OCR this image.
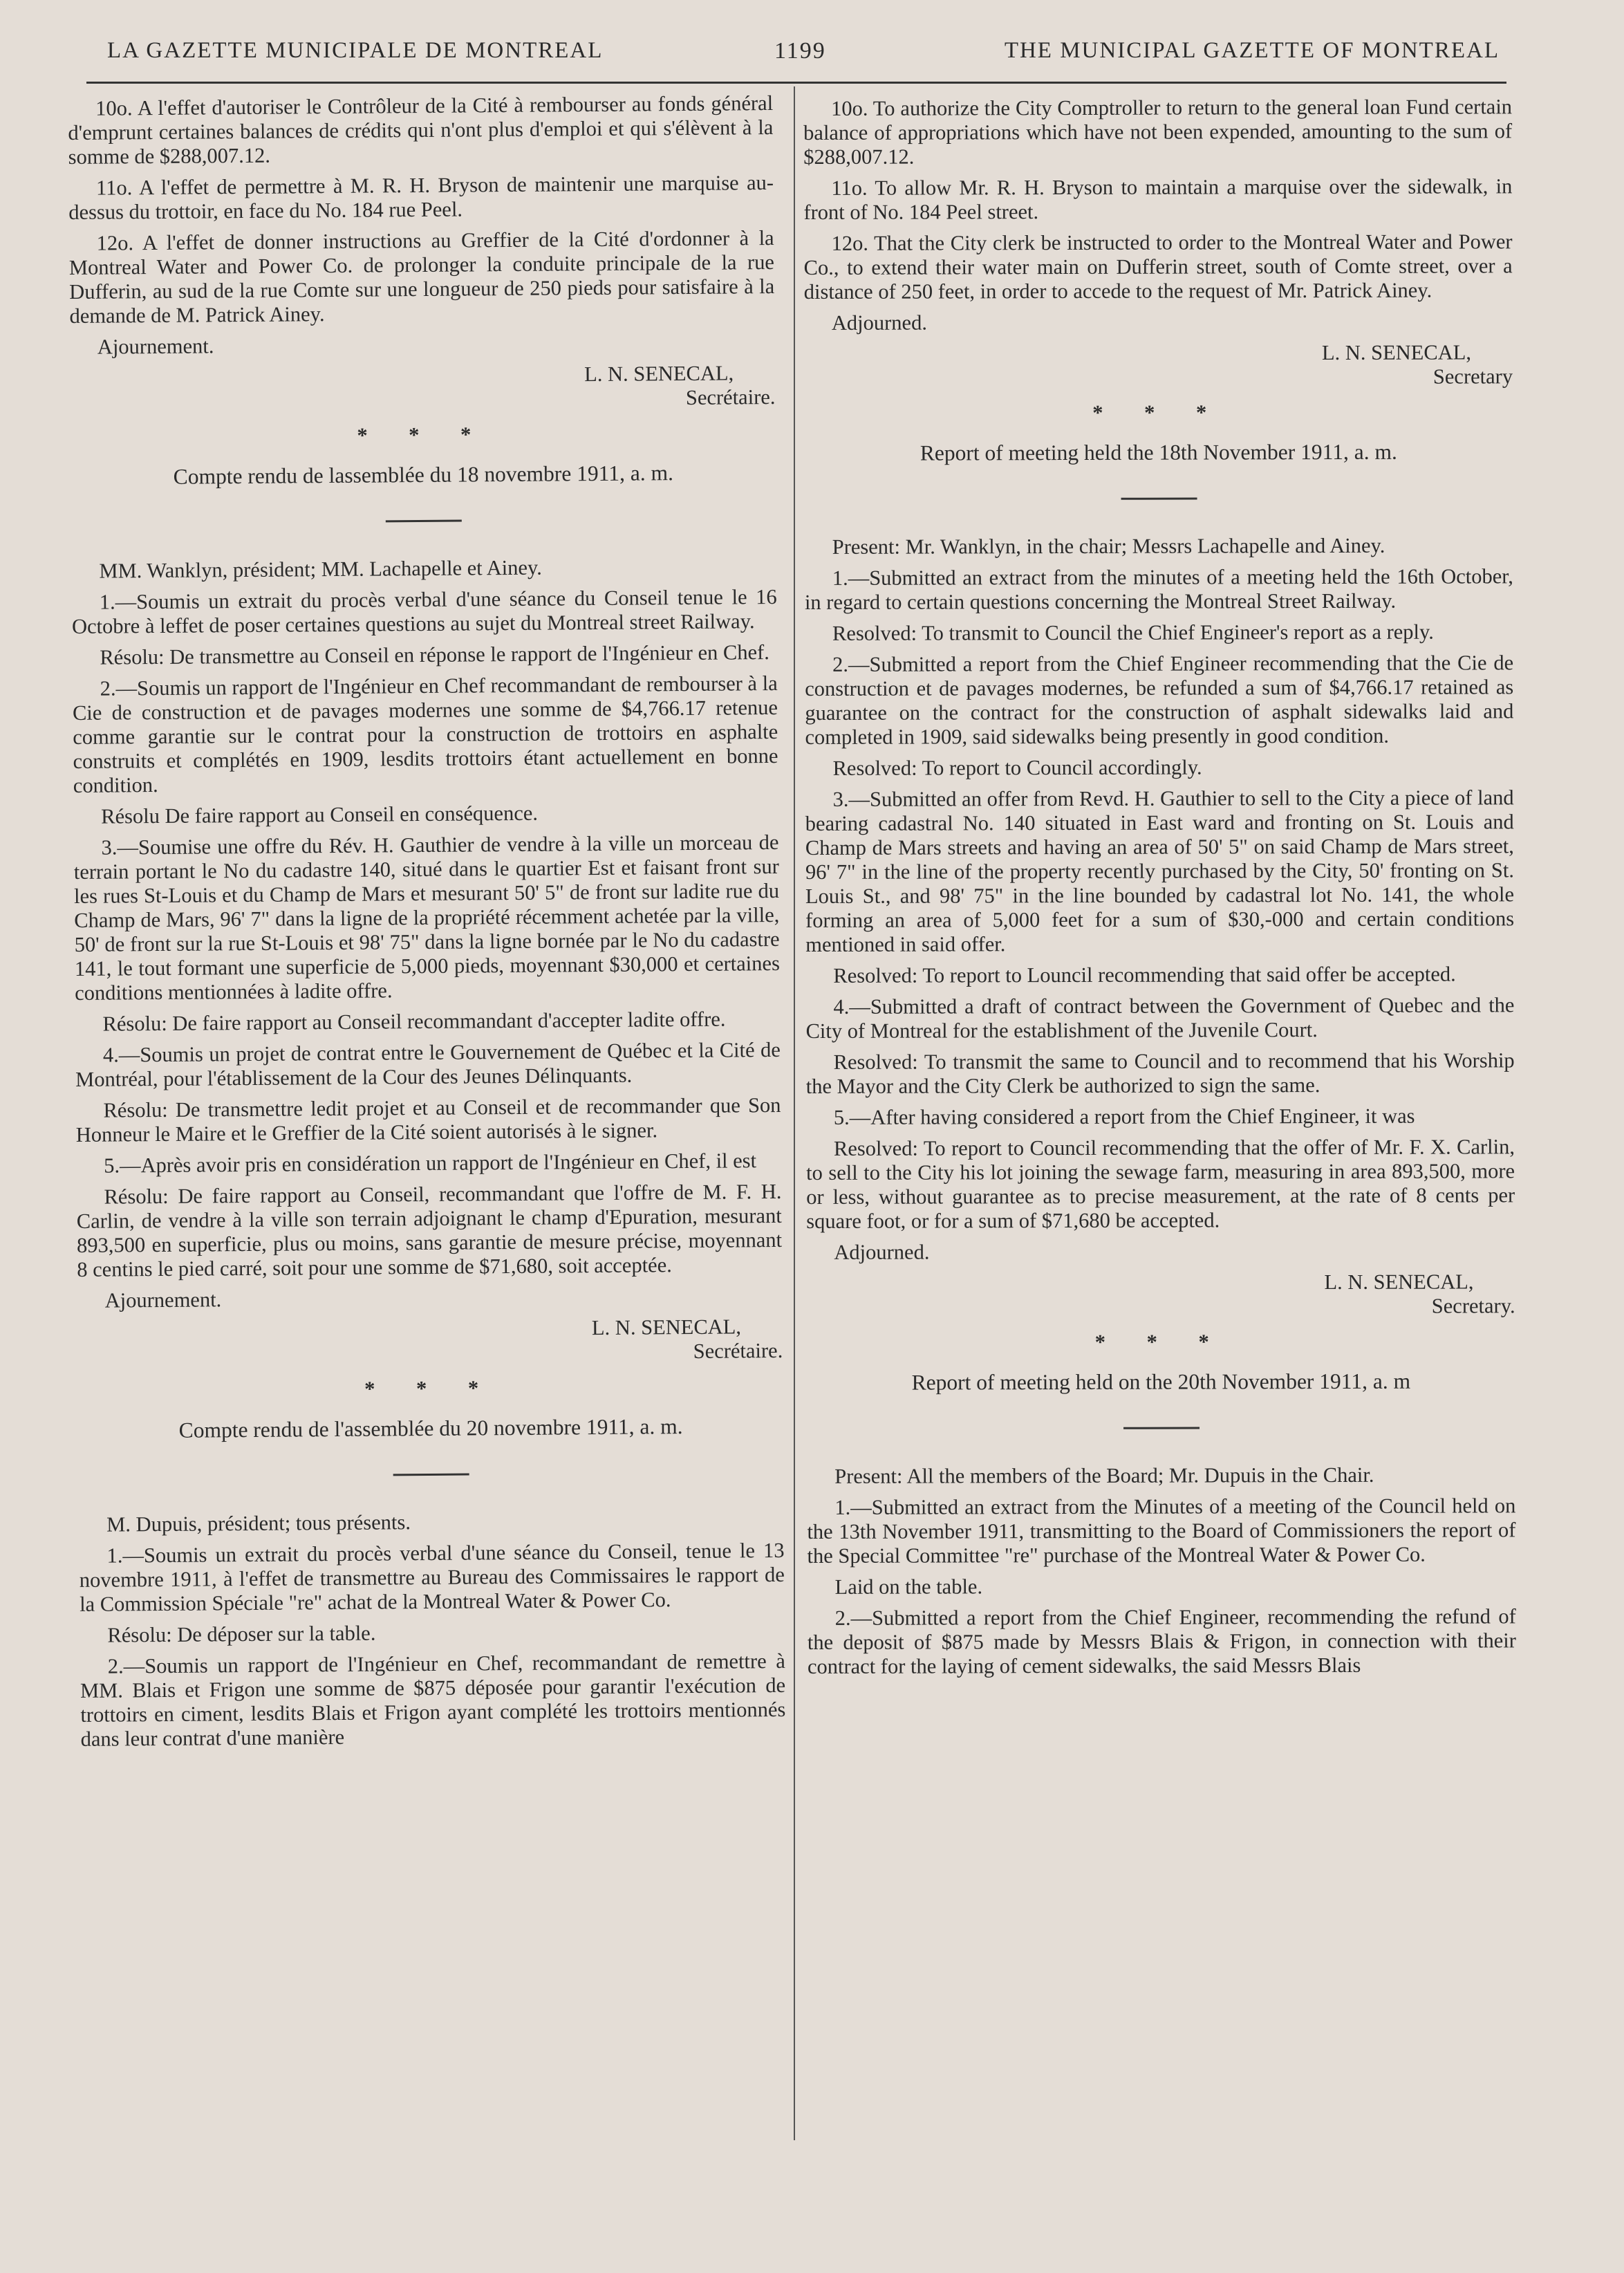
LA GAZETTE MUNICIPALE DE MONTREAL	1199	THE MUNICIPAL GAZETTE OF MONTREAL

10o. A l'effet d'autoriser le Contrôleur de la Cité à rembourser au fonds général d'emprunt certaines balances de crédits qui n'ont plus d'emploi et qui s'élèvent à la somme de $288,007.12.

11o. A l'effet de permettre à M. R. H. Bryson de maintenir une marquise au-dessus du trottoir, en face du No. 184 rue Peel.

12o. A l'effet de donner instructions au Greffier de la Cité d'ordonner à la Montreal Water and Power Co. de prolonger la conduite principale de la rue Dufferin, au sud de la rue Comte sur une longueur de 250 pieds pour satisfaire à la demande de M. Patrick Ainey.

Ajournement.

L. N. SENECAL,
Secrétaire.
* * *
Compte rendu de lassemblée du 18 novembre 1911, a. m.

MM. Wanklyn, président; MM. Lachapelle et Ainey.

1.—Soumis un extrait du procès verbal d'une séance du Conseil tenue le 16 Octobre à leffet de poser certaines questions au sujet du Montreal street Railway.

Résolu: De transmettre au Conseil en réponse le rapport de l'Ingénieur en Chef.

2.—Soumis un rapport de l'Ingénieur en Chef recommandant de rembourser à la Cie de construction et de pavages modernes une somme de $4,766.17 retenue comme garantie sur le contrat pour la construction de trottoirs en asphalte construits et complétés en 1909, lesdits trottoirs étant actuellement en bonne condition.

Résolu De faire rapport au Conseil en conséquence.

3.—Soumise une offre du Rév. H. Gauthier de vendre à la ville un morceau de terrain portant le No du cadastre 140, situé dans le quartier Est et faisant front sur les rues St-Louis et du Champ de Mars et mesurant 50' 5" de front sur ladite rue du Champ de Mars, 96' 7" dans la ligne de la propriété récemment achetée par la ville, 50' de front sur la rue St-Louis et 98' 75" dans la ligne bornée par le No du cadastre 141, le tout formant une superficie de 5,000 pieds, moyennant $30,000 et certaines conditions mentionnées à ladite offre.

Résolu: De faire rapport au Conseil recommandant d'accepter ladite offre.

4.—Soumis un projet de contrat entre le Gouvernement de Québec et la Cité de Montréal, pour l'établissement de la Cour des Jeunes Délinquants.

Résolu: De transmettre ledit projet et au Conseil et de recommander que Son Honneur le Maire et le Greffier de la Cité soient autorisés à le signer.

5.—Après avoir pris en considération un rapport de l'Ingénieur en Chef, il est

Résolu: De faire rapport au Conseil, recommandant que l'offre de M. F. H. Carlin, de vendre à la ville son terrain adjoignant le champ d'Epuration, mesurant 893,500 en superficie, plus ou moins, sans garantie de mesure précise, moyennant 8 centins le pied carré, soit pour une somme de $71,680, soit acceptée.

Ajournement.

L. N. SENECAL,
Secrétaire.
* * *
Compte rendu de l'assemblée du 20 novembre 1911, a. m.

M. Dupuis, président; tous présents.

1.—Soumis un extrait du procès verbal d'une séance du Conseil, tenue le 13 novembre 1911, à l'effet de transmettre au Bureau des Commissaires le rapport de la Commission Spéciale "re" achat de la Montreal Water & Power Co.

Résolu: De déposer sur la table.

2.—Soumis un rapport de l'Ingénieur en Chef, recommandant de remettre à MM. Blais et Frigon une somme de $875 déposée pour garantir l'exécution de trottoirs en ciment, lesdits Blais et Frigon ayant complété les trottoirs mentionnés dans leur contrat d'une manière

10o. To authorize the City Comptroller to return to the general loan Fund certain balance of appropriations which have not been expended, amounting to the sum of $288,007.12.

11o. To allow Mr. R. H. Bryson to maintain a marquise over the sidewalk, in front of No. 184 Peel street.

12o. That the City clerk be instructed to order to the Montreal Water and Power Co., to extend their water main on Dufferin street, south of Comte street, over a distance of 250 feet, in order to accede to the request of Mr. Patrick Ainey.

Adjourned.

L. N. SENECAL,
Secretary
* * *
Report of meeting held the 18th November 1911, a. m.

Present: Mr. Wanklyn, in the chair; Messrs Lachapelle and Ainey.

1.—Submitted an extract from the minutes of a meeting held the 16th October, in regard to certain questions concerning the Montreal Street Railway.

Resolved: To transmit to Council the Chief Engineer's report as a reply.

2.—Submitted a report from the Chief Engineer recommending that the Cie de construction et de pavages modernes, be refunded a sum of $4,766.17 retained as guarantee on the contract for the construction of asphalt sidewalks laid and completed in 1909, said sidewalks being presently in good condition.

Resolved: To report to Council accordingly.

3.—Submitted an offer from Revd. H. Gauthier to sell to the City a piece of land bearing cadastral No. 140 situated in East ward and fronting on St. Louis and Champ de Mars streets and having an area of 50' 5" on said Champ de Mars street, 96' 7" in the line of the property recently purchased by the City, 50' fronting on St. Louis St., and 98' 75" in the line bounded by cadastral lot No. 141, the whole forming an area of 5,000 feet for a sum of $30,-000 and certain conditions mentioned in said offer.

Resolved: To report to Louncil recommending that said offer be accepted.

4.—Submitted a draft of contract between the Government of Quebec and the City of Montreal for the establishment of the Juvenile Court.

Resolved: To transmit the same to Council and to recommend that his Worship the Mayor and the City Clerk be authorized to sign the same.

5.—After having considered a report from the Chief Engineer, it was

Resolved: To report to Council recommending that the offer of Mr. F. X. Carlin, to sell to the City his lot joining the sewage farm, measuring in area 893,500, more or less, without guarantee as to precise measurement, at the rate of 8 cents per square foot, or for a sum of $71,680 be accepted.

Adjourned.

L. N. SENECAL,
Secretary.
* * *
Report of meeting held on the 20th November 1911, a. m

Present: All the members of the Board; Mr. Dupuis in the Chair.

1.—Submitted an extract from the Minutes of a meeting of the Council held on the 13th November 1911, transmitting to the Board of Commissioners the report of the Special Committee "re" purchase of the Montreal Water & Power Co.

Laid on the table.

2.—Submitted a report from the Chief Engineer, recommending the refund of the deposit of $875 made by Messrs Blais & Frigon, in connection with their contract for the laying of cement sidewalks, the said Messrs Blais
